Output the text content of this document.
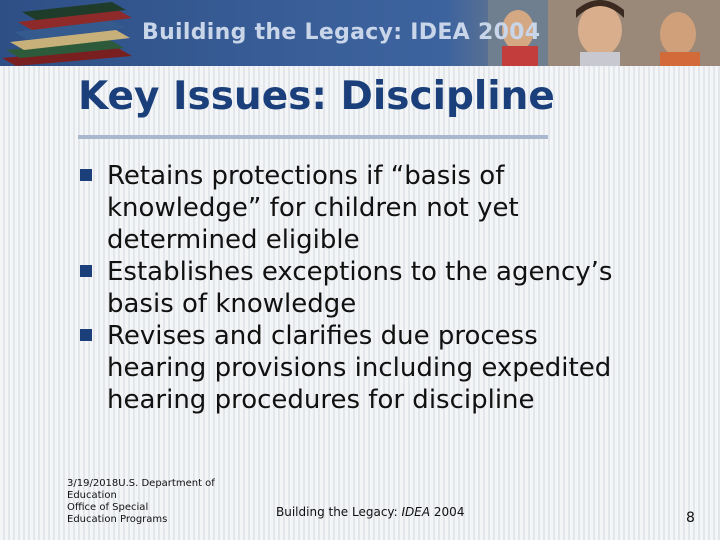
Building the Legacy: IDEA 2004
Key Issues: Discipline
Retains protections if “basis of knowledge” for children not yet determined eligible
Establishes exceptions to the agency’s basis of knowledge
Revises and clarifies due process hearing provisions including expedited hearing procedures for discipline
3/19/2018U.S. Department of
Education
Office of Special
Education Programs
Building the Legacy: IDEA 2004	8
